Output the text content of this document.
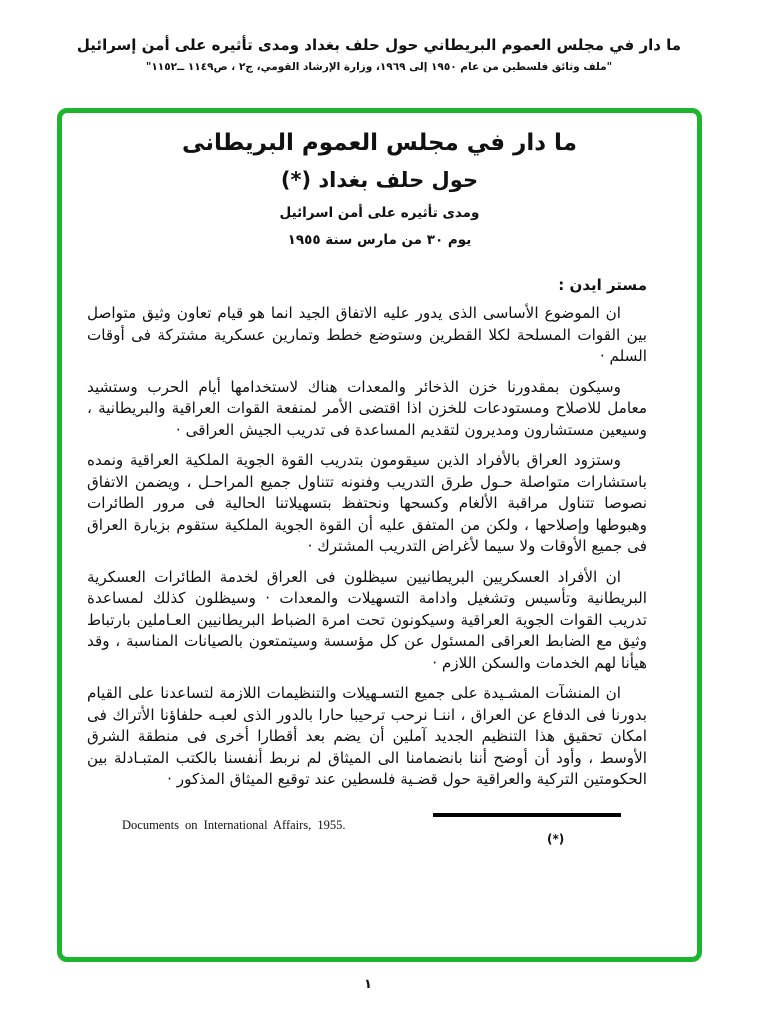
ما دار في مجلس العموم البريطاني حول حلف بغداد ومدى تأثيره على أمن إسرائيل
"ملف وثائق فلسطين من عام ١٩٥٠ إلى ١٩٦٩، وزارة الإرشاد القومي، ج٢ ، ص١١٤٩ ــ١١٥٢"
ما دار في مجلس العموم البريطانى
حول حلف بغداد (*)
ومدى تأثيره على أمن اسرائيل
يوم ٣٠ من مارس سنة ١٩٥٥
مستر ايدن :

ان الموضوع الأساسى الذى يدور عليه الاتفاق الجيد انما هو قيام تعاون وثيق متواصل بين القوات المسلحة لكلا القطرين وستوضع خطط وتمارين عسكرية مشتركة فى أوقات السلم ·

وسيكون بمقدورنا خزن الذخائر والمعدات هناك لاستخدامها أيام الحرب وستشيد معامل للاصلاح ومستودعات للخزن اذا اقتضى الأمر لمنفعة القوات العراقية والبريطانية ، وسيعين مستشارون ومديرون لتقديم المساعدة فى تدريب الجيش العراقى ·

وستزود العراق بالأفراد الذين سيقومون بتدريب القوة الجوية الملكية العراقية ونمده باستشارات متواصلة حـول طرق التدريب وفنونه تتناول جميع المراحـل ، ويضمن الاتفاق نصوصا تتناول مراقبة الألغام وكسحها ونحتفظ بتسهيلاتنا الحالية فى مرور الطائرات وهبوطها وإصلاحها ، ولكن من المتفق عليه أن القوة الجوية الملكية ستقوم بزيارة العراق فى جميع الأوقات ولا سيما لأغراض التدريب المشترك ·

ان الأفراد العسكريين البريطانيين سيظلون فى العراق لخدمة الطائرات العسكرية البريطانية وتأسيس وتشغيل وادامة التسهيلات والمعدات · وسيظلون كذلك لمساعدة تدريب القوات الجوية العراقية وسيكونون تحت امرة الضباط البريطانيين العـاملين بارتباط وثيق مع الضابط العراقى المسئول عن كل مؤسسة وسيتمتعون بالصيانات المناسبة ، وقد هيأنا لهم الخدمات والسكن اللازم ·

ان المنشآت المشـيدة على جميع التسـهيلات والتنظيمات اللازمة لتساعدنا على القيام بدورنا فى الدفاع عن العراق ، اننـا نرحب ترحيبا حارا بالدور الذى لعبـه حلفاؤنا الأتراك فى امكان تحقيق هذا التنظيم الجديد آملين أن يضم بعد أقطارا أخرى فى منطقة الشرق الأوسط ، وأود أن أوضح أننا بانضمامنا الى الميثاق لم نربط أنفسنا بالكتب المتبـادلة بين الحكومتين التركية والعراقية حول قضـية فلسطين عند توقيع الميثاق المذكور ·

Documents on International Affairs, 1955.
(*)
١
